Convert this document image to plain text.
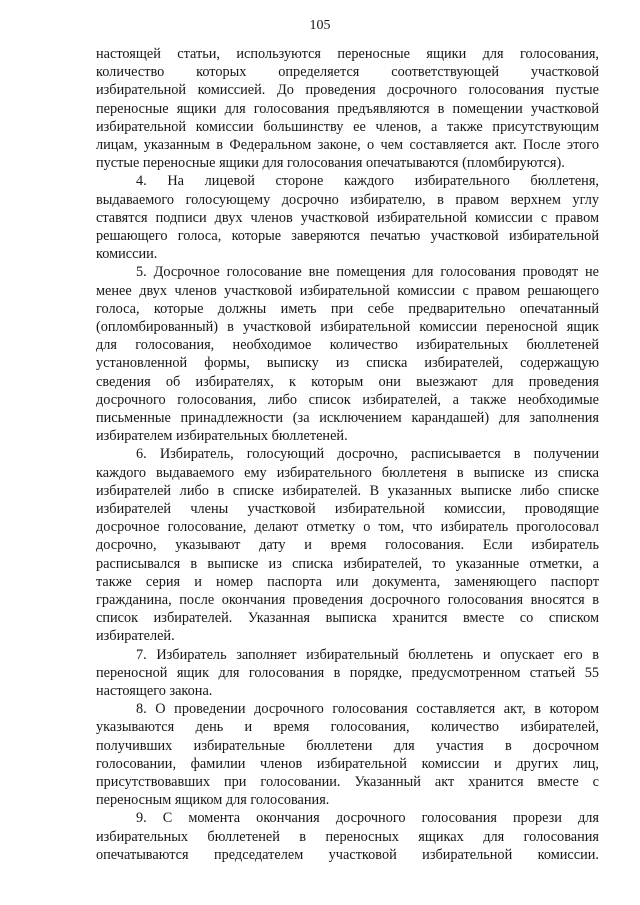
105
настоящей статьи, используются переносные ящики для голосования,
количество которых определяется соответствующей участковой
избирательной комиссией. До проведения досрочного голосования пустые
переносные ящики для голосования предъявляются в помещении участковой
избирательной комиссии большинству ее членов, а также присутствующим
лицам, указанным в Федеральном законе, о чем составляется акт. После этого
пустые переносные ящики для голосования опечатываются (пломбируются).
4. На лицевой стороне каждого избирательного бюллетеня,
выдаваемого голосующему досрочно избирателю, в правом верхнем углу
ставятся подписи двух членов участковой избирательной комиссии с правом
решающего голоса, которые заверяются печатью участковой избирательной
комиссии.
5. Досрочное голосование вне помещения для голосования проводят не
менее двух членов участковой избирательной комиссии с правом решающего
голоса, которые должны иметь при себе предварительно опечатанный
(опломбированный) в участковой избирательной комиссии переносной ящик
для голосования, необходимое количество избирательных бюллетеней
установленной формы, выписку из списка избирателей, содержащую
сведения об избирателях, к которым они выезжают для проведения
досрочного голосования, либо список избирателей, а также необходимые
письменные принадлежности (за исключением карандашей) для заполнения
избирателем избирательных бюллетеней.
6. Избиратель, голосующий досрочно, расписывается в получении
каждого выдаваемого ему избирательного бюллетеня в выписке из списка
избирателей либо в списке избирателей. В указанных выписке либо списке
избирателей члены участковой избирательной комиссии, проводящие
досрочное голосование, делают отметку о том, что избиратель проголосовал
досрочно, указывают дату и время голосования. Если избиратель
расписывался в выписке из списка избирателей, то указанные отметки, а
также серия и номер паспорта или документа, заменяющего паспорт
гражданина, после окончания проведения досрочного голосования вносятся в
список избирателей. Указанная выписка хранится вместе со списком
избирателей.
7. Избиратель заполняет избирательный бюллетень и опускает его в
переносной ящик для голосования в порядке, предусмотренном статьей 55
настоящего закона.
8. О проведении досрочного голосования составляется акт, в котором
указываются день и время голосования, количество избирателей,
получивших избирательные бюллетени для участия в досрочном
голосовании, фамилии членов избирательной комиссии и других лиц,
присутствовавших при голосовании. Указанный акт хранится вместе с
переносным ящиком для голосования.
9. С момента окончания досрочного голосования прорези для
избирательных бюллетеней в переносных ящиках для голосования
опечатываются председателем участковой избирательной комиссии.
